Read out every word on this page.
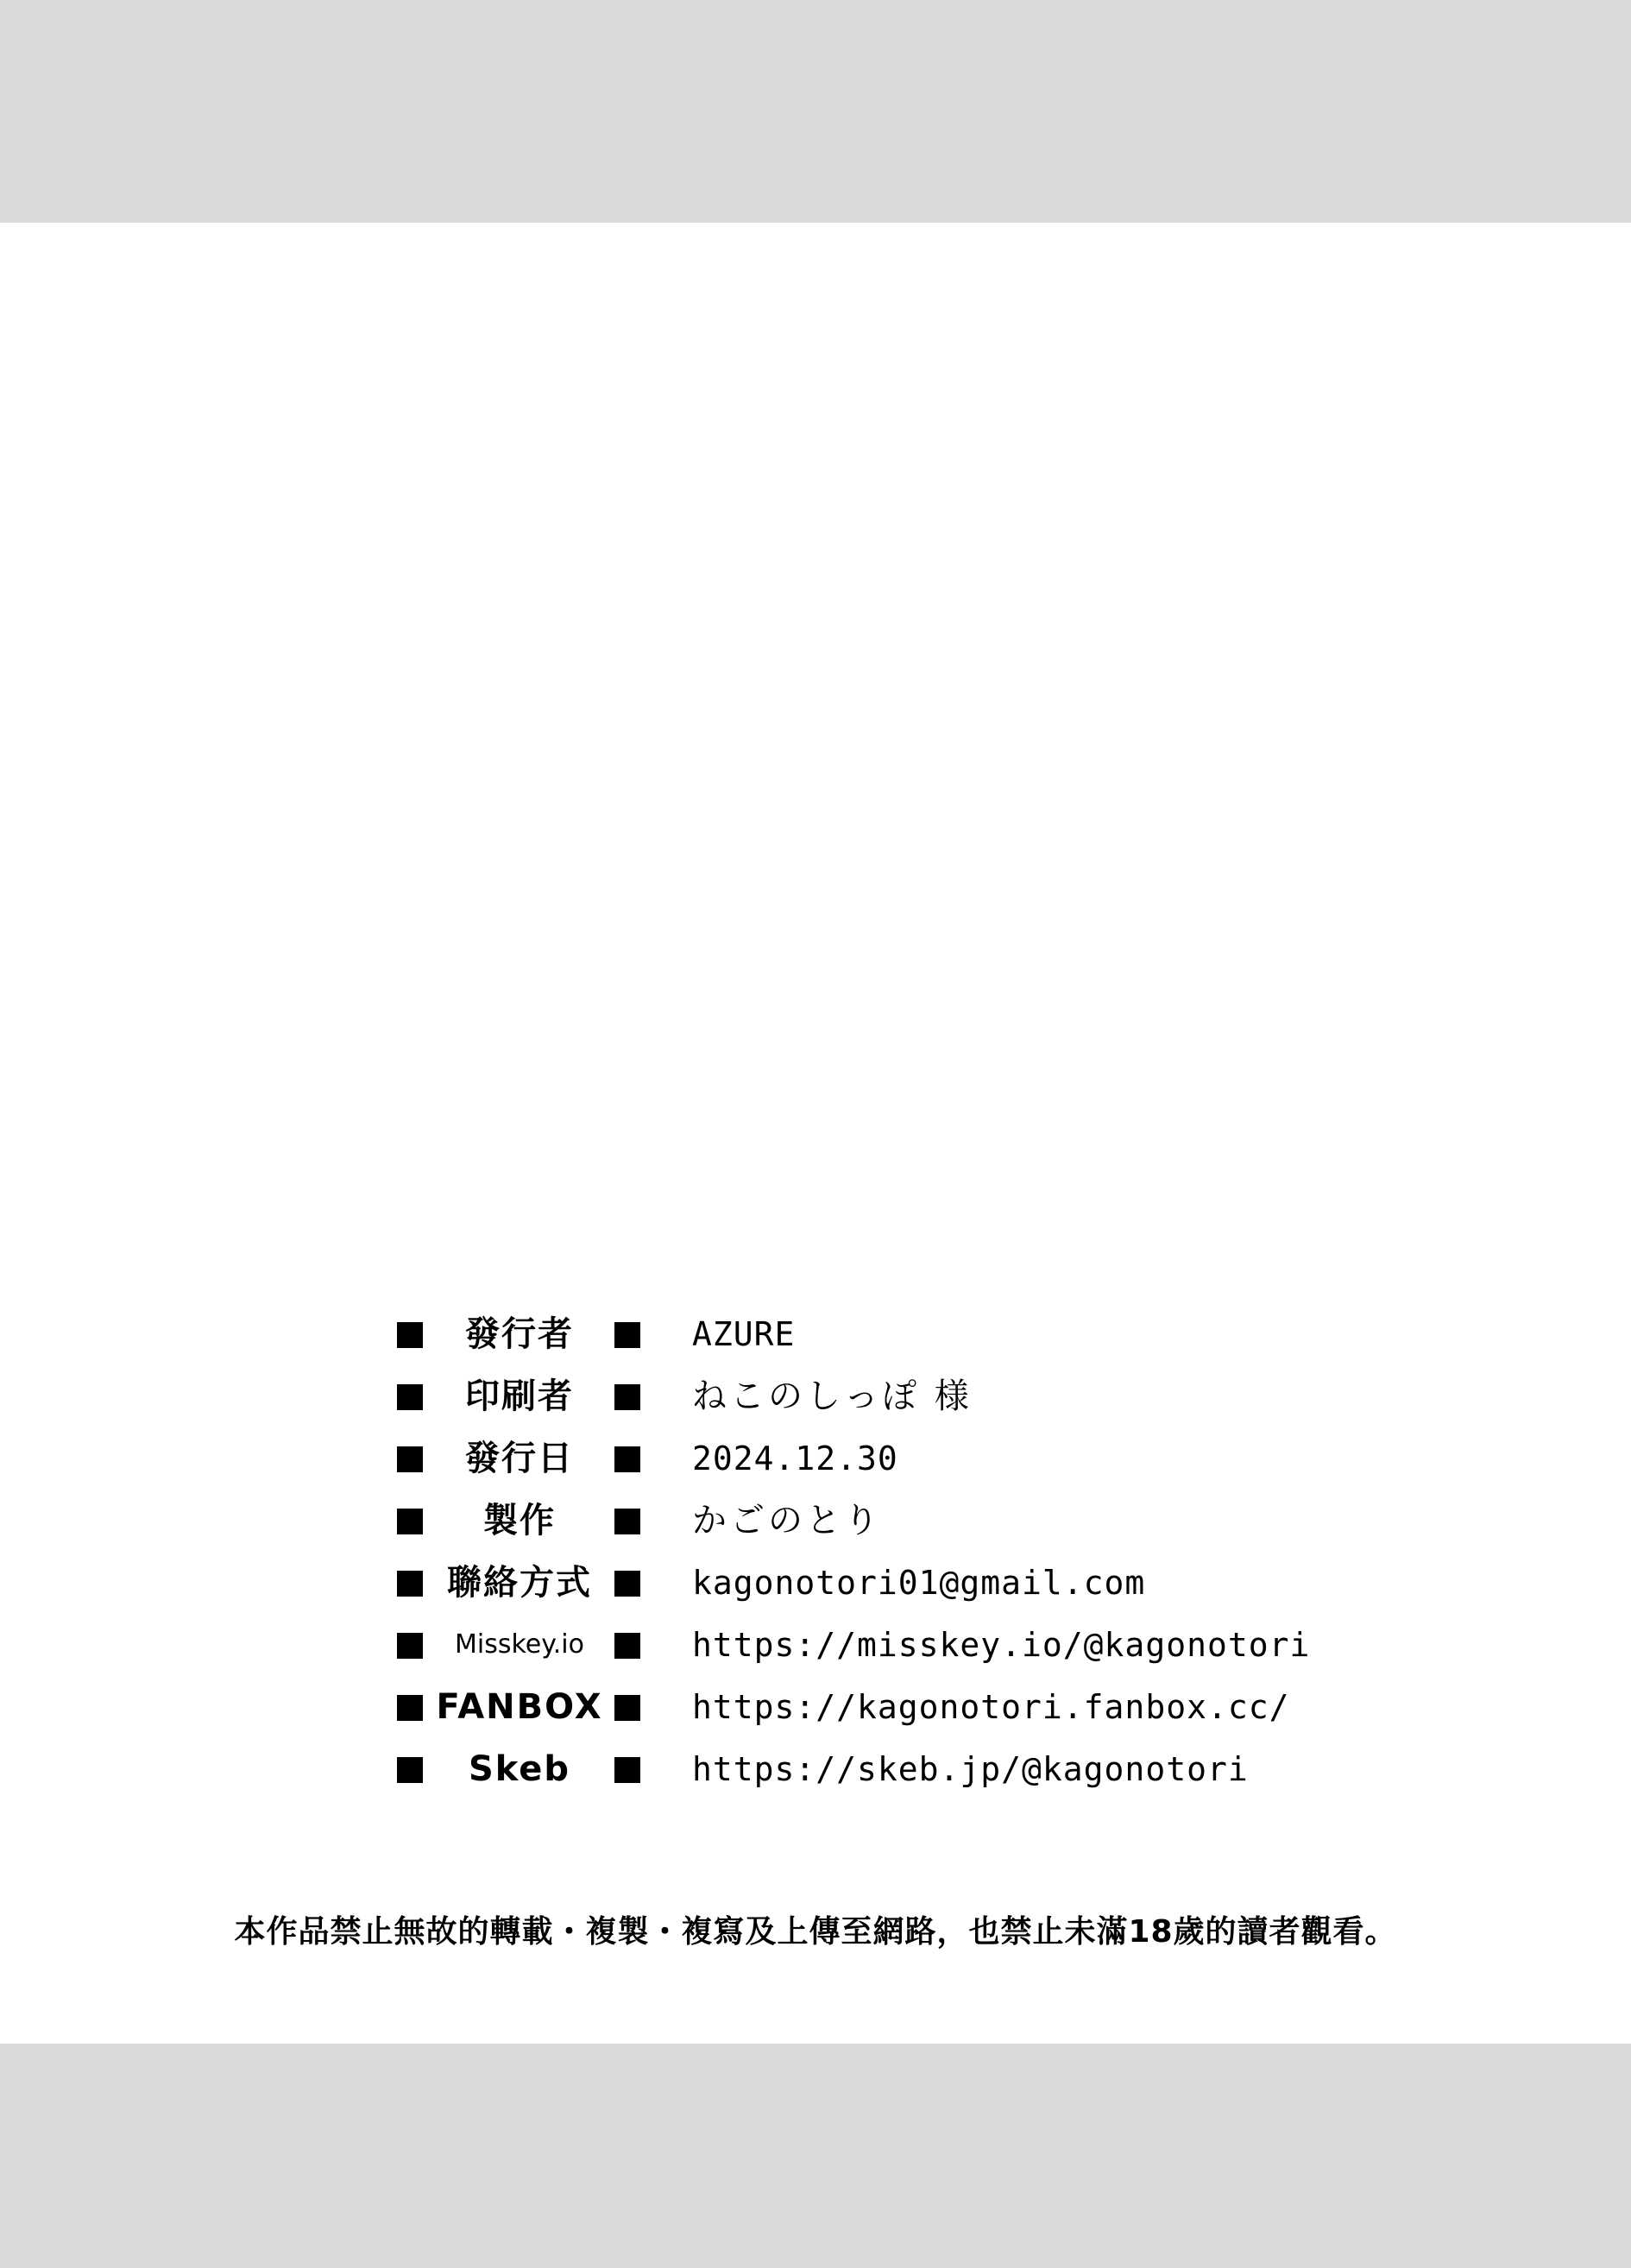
發行者	AZURE
印刷者	ねこのしっぽ 様
發行日	2024.12.30
製作	かごのとり
聯絡方式	kagonotori01@gmail.com
Misskey.io	https://misskey.io/@kagonotori
FANBOX	https://kagonotori.fanbox.cc/
Skeb	https://skeb.jp/@kagonotori
本作品禁止無故的轉載・複製・複寫及上傳至網路，也禁止未滿18歲的讀者觀看。
